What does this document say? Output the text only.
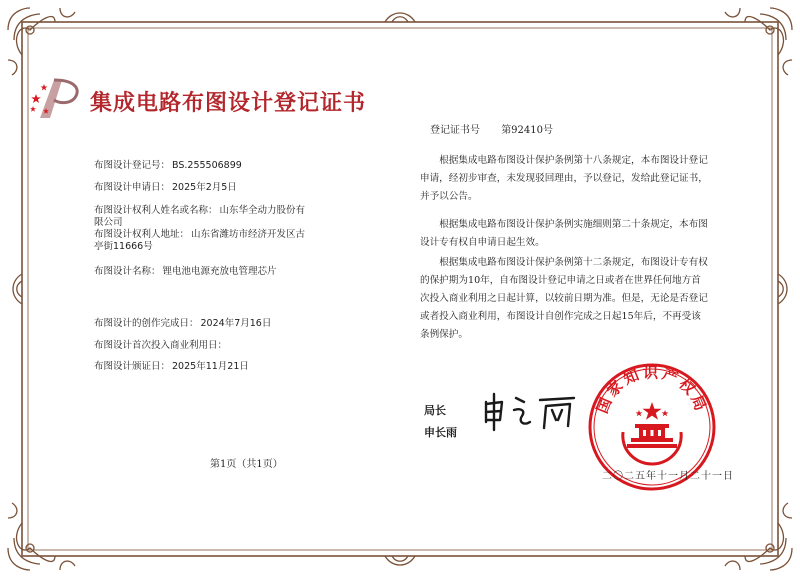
集成电路布图设计登记证书
登记证书号 第92410号
布图设计登记号： BS.255506899
布图设计申请日： 2025年2月5日
布图设计权利人姓名或名称： 山东华全动力股份有
限公司
布图设计权利人地址： 山东省潍坊市经济开发区古
亭街11666号
布图设计名称： 锂电池电源充放电管理芯片
布图设计的创作完成日： 2024年7月16日
布图设计首次投入商业利用日：
布图设计颁证日： 2025年11月21日

根据集成电路布图设计保护条例第十八条规定，本布图设计登记申请，经初步审查，未发现驳回理由，予以登记，发给此登记证书，并予以公告。

根据集成电路布图设计保护条例实施细则第二十条规定，本布图设计专有权自申请日起生效。

根据集成电路布图设计保护条例第十二条规定，布图设计专有权的保护期为10年，自布图设计登记申请之日或者在世界任何地方首次投入商业利用之日起计算，以较前日期为准。但是，无论是否登记或者投入商业利用，布图设计自创作完成之日起15年后，不再受该条例保护。

第1页（共1页）
局长
申长雨
国家知识产权局
二〇二五年十一月二十一日
